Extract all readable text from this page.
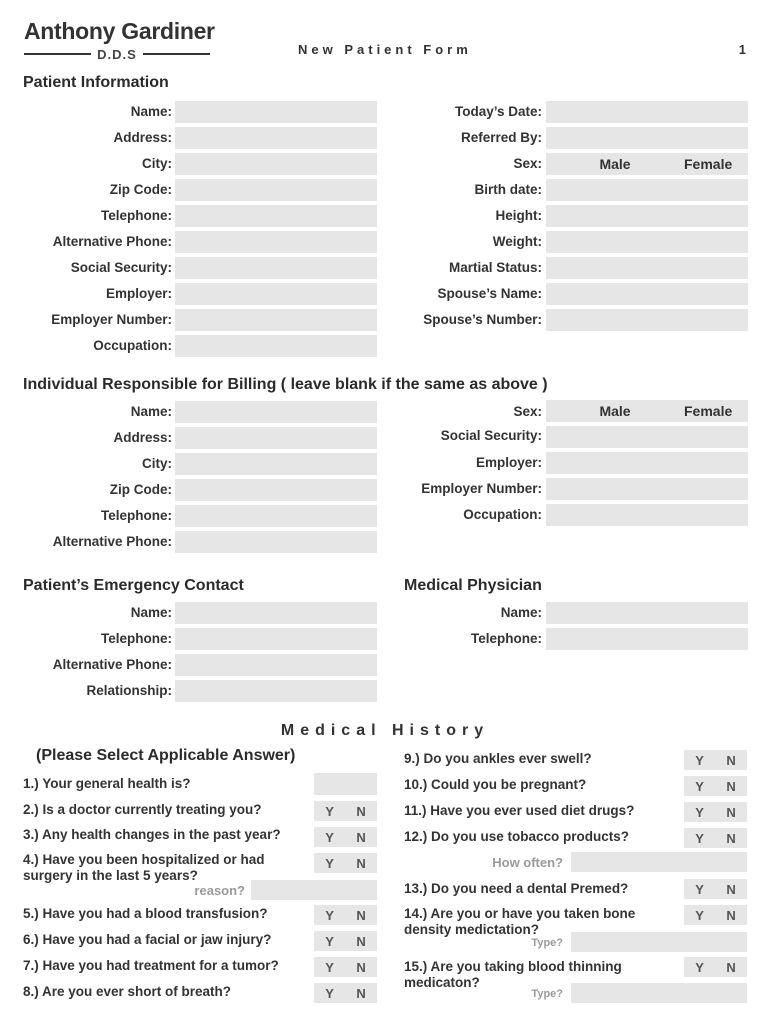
Anthony Gardiner
D.D.S	New Patient Form	1
Patient Information
Name:
Address:
City:
Zip Code:
Telephone:
Alternative Phone:
Social Security:
Employer:
Employer Number:
Occupation:
Today’s Date:
Referred By:
Sex:	Male	Female
Birth date:
Height:
Weight:
Martial Status:
Spouse’s Name:
Spouse’s Number:
Individual Responsible for Billing ( leave blank if the same as above )
Name:
Address:
City:
Zip Code:
Telephone:
Alternative Phone:
Sex:	Male	Female
Social Security:
Employer:
Employer Number:
Occupation:
Patient’s Emergency Contact
Name:
Telephone:
Alternative Phone:
Relationship:
Medical Physician
Name:
Telephone:
Medical History
(Please Select Applicable Answer)
1.) Your general health is?
2.) Is a doctor currently treating you?	Y N
3.) Any health changes in the past year?	Y N
4.) Have you been hospitalized or had surgery in the last 5 years?
Y N
reason?
5.) Have you had a blood transfusion?	Y N
6.) Have you had a facial or jaw injury?	Y N
7.) Have you had treatment for a tumor?	Y N
8.) Are you ever short of breath?	Y N
9.) Do you ankles ever swell?	Y N
10.) Could you be pregnant?	Y N
11.) Have you ever used diet drugs?	Y N
12.) Do you use tobacco products?	Y N
How often?
13.) Do you need a dental Premed?	Y N
14.) Are you or have you taken bone density medictation?
Y N
Type?
15.) Are you taking blood thinning medicaton?
Y N
Type?
